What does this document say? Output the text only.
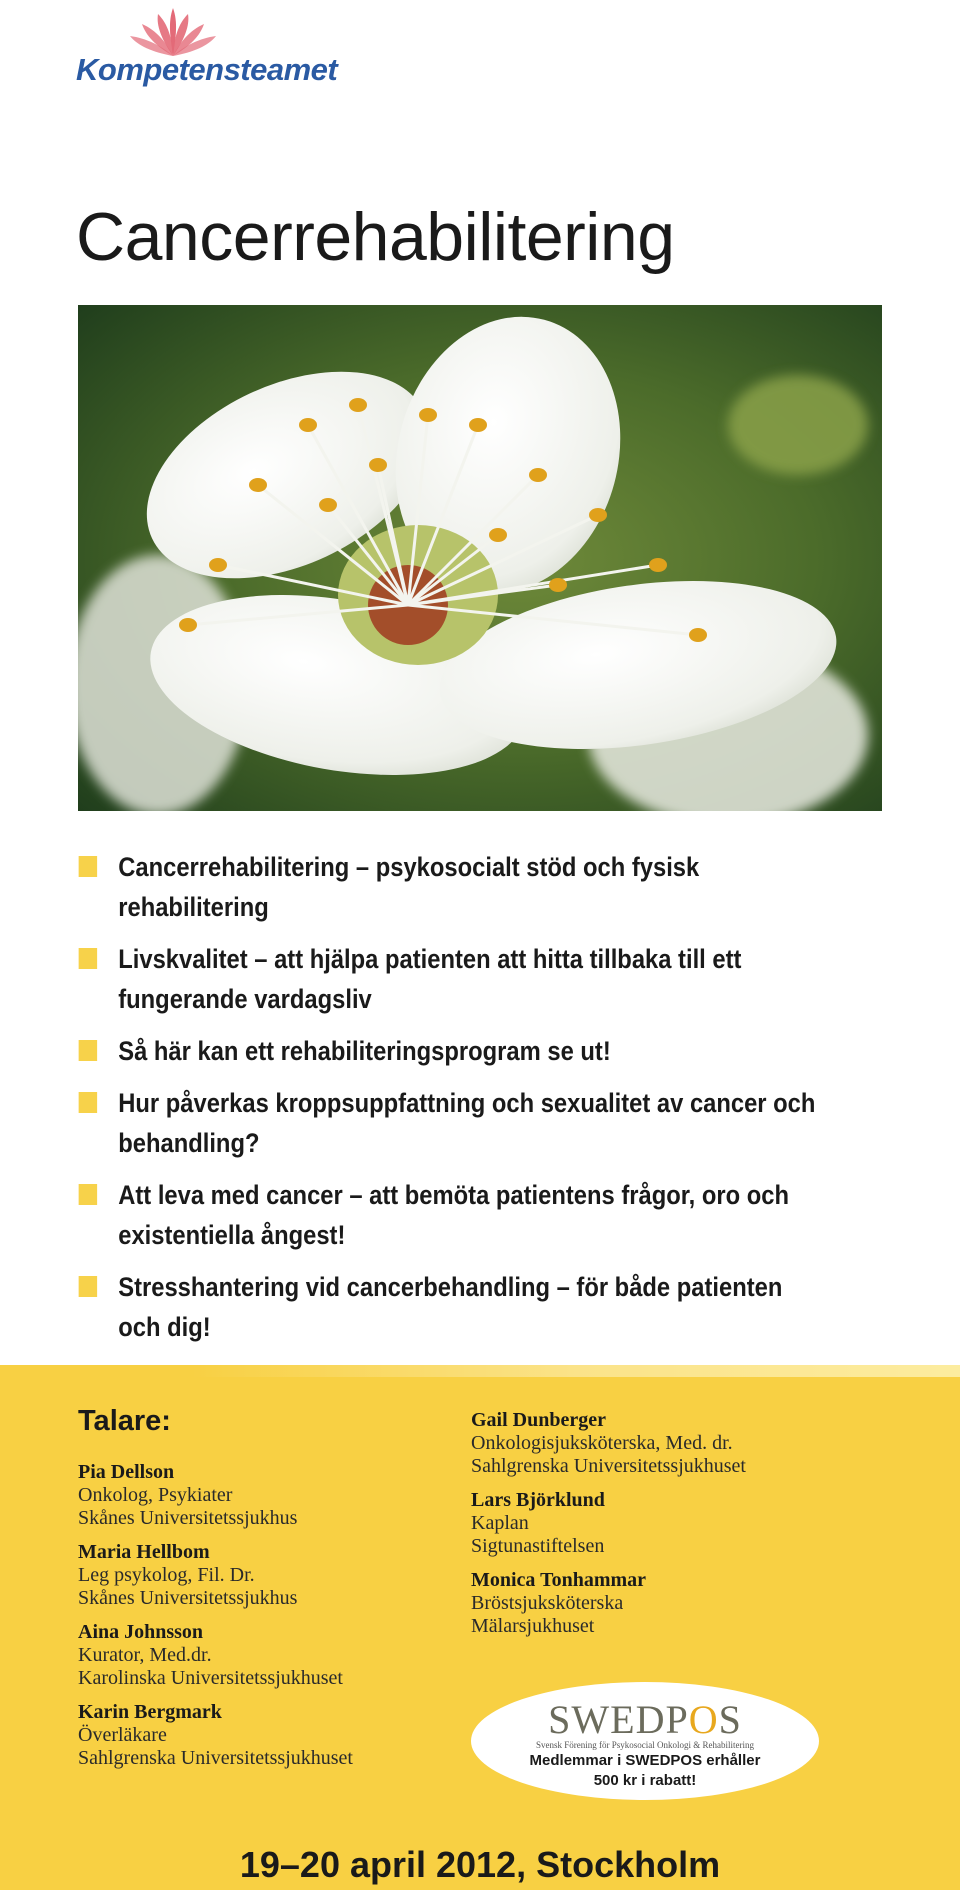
Kompetensteamet
Cancerrehabilitering
Cancerrehabilitering – psykosocialt stöd och fysisk
rehabilitering
Livskvalitet – att hjälpa patienten att hitta tillbaka till ett
fungerande vardagsliv
Så här kan ett rehabiliteringsprogram se ut!
Hur påverkas kroppsuppfattning och sexualitet av cancer och
behandling?
Att leva med cancer – att bemöta patientens frågor, oro och
existentiella ångest!
Stresshantering vid cancerbehandling – för både patienten
och dig!
Talare:
Pia Dellson
Onkolog, Psykiater
Skånes Universitetssjukhus
Maria Hellbom
Leg psykolog, Fil. Dr.
Skånes Universitetssjukhus
Aina Johnsson
Kurator, Med.dr.
Karolinska Universitetssjukhuset
Karin Bergmark
Överläkare
Sahlgrenska Universitetssjukhuset
Gail Dunberger
Onkologisjuksköterska, Med. dr.
Sahlgrenska Universitetssjukhuset
Lars Björklund
Kaplan
Sigtunastiftelsen
Monica Tonhammar
Bröstsjuksköterska
Mälarsjukhuset
SWEDPOS
Svensk Förening för Psykosocial Onkologi & Rehabilitering
Medlemmar i SWEDPOS erhåller
500 kr i rabatt!
19–20 april 2012, Stockholm
